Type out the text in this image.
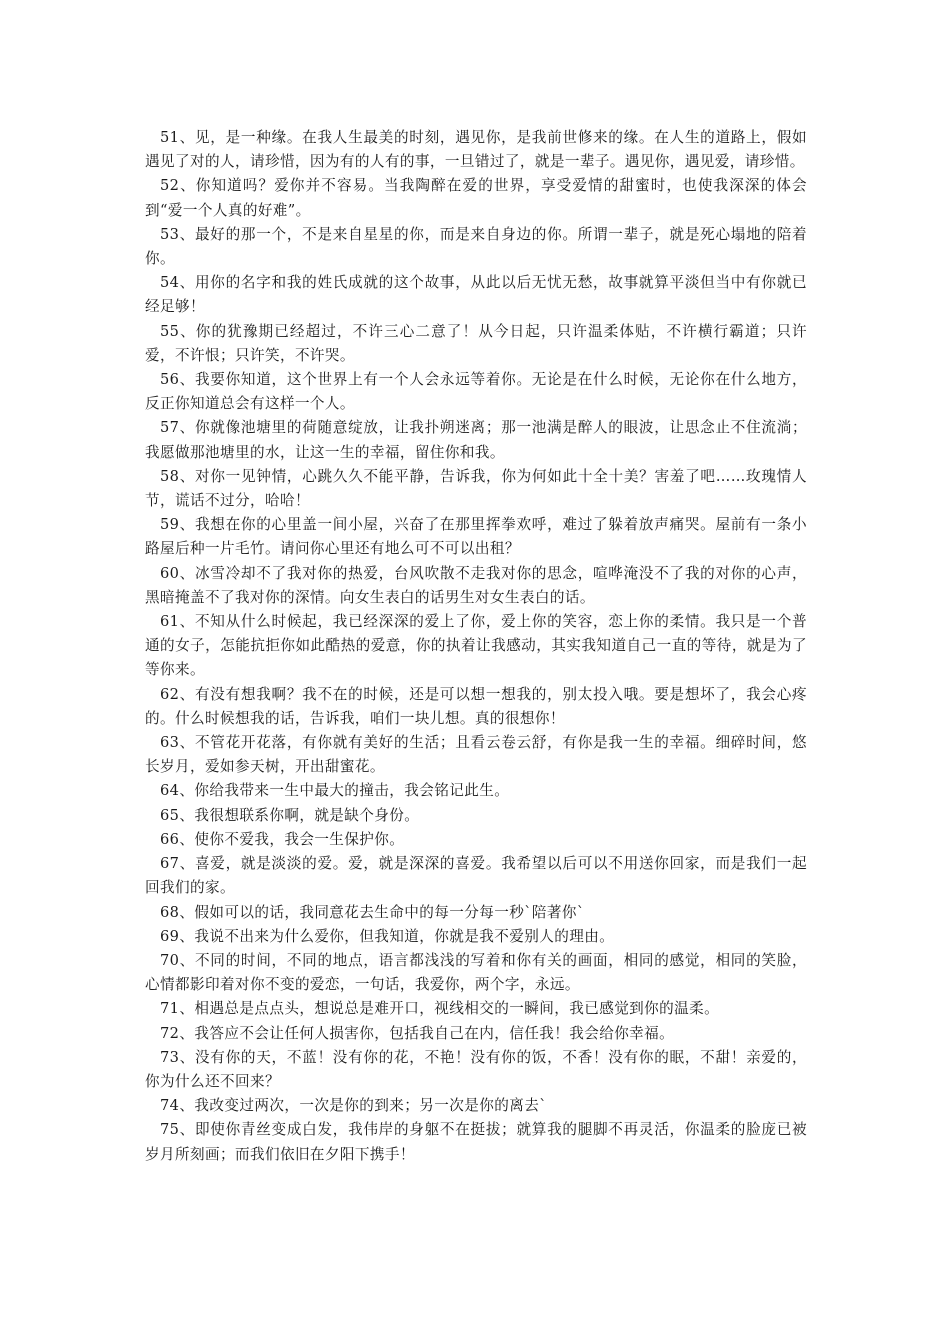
51、见，是一种缘。在我人生最美的时刻，遇见你，是我前世修来的缘。在人生的道路上，假如遇见了对的人，请珍惜，因为有的人有的事，一旦错过了，就是一辈子。遇见你，遇见爱，请珍惜。

52、你知道吗？爱你并不容易。当我陶醉在爱的世界，享受爱情的甜蜜时，也使我深深的体会到“爱一个人真的好难”。

53、最好的那一个，不是来自星星的你，而是来自身边的你。所谓一辈子，就是死心塌地的陪着你。

54、用你的名字和我的姓氏成就的这个故事，从此以后无忧无愁，故事就算平淡但当中有你就已经足够！

55、你的犹豫期已经超过，不许三心二意了！从今日起，只许温柔体贴，不许横行霸道；只许爱，不许恨；只许笑，不许哭。

56、我要你知道，这个世界上有一个人会永远等着你。无论是在什么时候，无论你在什么地方，反正你知道总会有这样一个人。

57、你就像池塘里的荷随意绽放，让我扑朔迷离；那一池满是醉人的眼波，让思念止不住流淌；我愿做那池塘里的水，让这一生的幸福，留住你和我。

58、对你一见钟情，心跳久久不能平静，告诉我，你为何如此十全十美？害羞了吧……玫瑰情人节，谎话不过分，哈哈！

59、我想在你的心里盖一间小屋，兴奋了在那里挥拳欢呼，难过了躲着放声痛哭。屋前有一条小路屋后种一片毛竹。请问你心里还有地么可不可以出租？

60、冰雪冷却不了我对你的热爱，台风吹散不走我对你的思念，喧哗淹没不了我的对你的心声，黑暗掩盖不了我对你的深情。向女生表白的话男生对女生表白的话。

61、不知从什么时候起，我已经深深的爱上了你，爱上你的笑容，恋上你的柔情。我只是一个普通的女子，怎能抗拒你如此酷热的爱意，你的执着让我感动，其实我知道自己一直的等待，就是为了等你来。

62、有没有想我啊？我不在的时候，还是可以想一想我的，别太投入哦。要是想坏了，我会心疼的。什么时候想我的话，告诉我，咱们一块儿想。真的很想你！

63、不管花开花落，有你就有美好的生活；且看云卷云舒，有你是我一生的幸福。细碎时间，悠长岁月，爱如参天树，开出甜蜜花。

64、你给我带来一生中最大的撞击，我会铭记此生。

65、我很想联系你啊，就是缺个身份。

66、使你不爱我，我会一生保护你。

67、喜爱，就是淡淡的爱。爱，就是深深的喜爱。我希望以后可以不用送你回家，而是我们一起回我们的家。

68、假如可以的话，我同意花去生命中的每一分每一秒`陪著你`

69、我说不出来为什么爱你，但我知道，你就是我不爱别人的理由。

70、不同的时间，不同的地点，语言都浅浅的写着和你有关的画面，相同的感觉，相同的笑脸，心情都影印着对你不变的爱恋，一句话，我爱你，两个字，永远。

71、相遇总是点点头，想说总是难开口，视线相交的一瞬间，我已感觉到你的温柔。

72、我答应不会让任何人损害你，包括我自己在内，信任我！我会给你幸福。

73、没有你的天，不蓝！没有你的花，不艳！没有你的饭，不香！没有你的眠，不甜！亲爱的，你为什么还不回来？

74、我改变过两次，一次是你的到来；另一次是你的离去`

75、即使你青丝变成白发，我伟岸的身躯不在挺拔；就算我的腿脚不再灵活，你温柔的脸庞已被岁月所刻画；而我们依旧在夕阳下携手！
